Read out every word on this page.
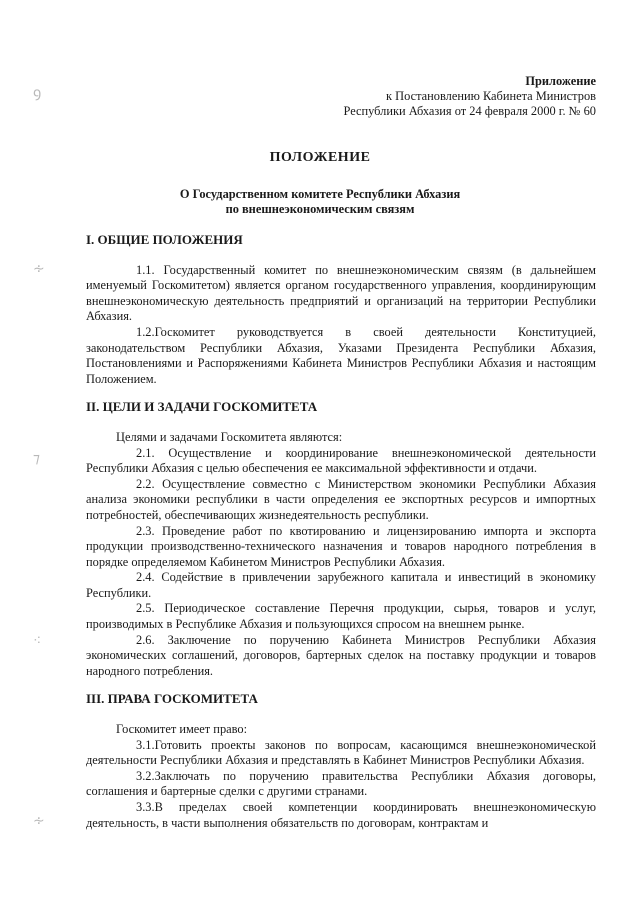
ꝯ
∻
⁊
⁖
∻
Приложение
к Постановлению Кабинета Министров
Республики Абхазия от 24 февраля 2000 г. № 60
ПОЛОЖЕНИЕ
О Государственном комитете Республики Абхазия
по внешнеэкономическим связям
I. ОБЩИЕ ПОЛОЖЕНИЯ

1.1. Государственный комитет по внешнеэкономическим связям (в дальнейшем именуемый Госкомитетом) является органом государственного управления, координирующим внешнеэкономическую деятельность предприятий и организаций на территории Республики Абхазия.

1.2.Госкомитет руководствуется в своей деятельности Конституцией, законодательством Республики Абхазия, Указами Президента Республики Абхазия, Постановлениями и Распоряжениями Кабинета Министров Республики Абхазия и настоящим Положением.

II. ЦЕЛИ И ЗАДАЧИ ГОСКОМИТЕТА

Целями и задачами Госкомитета являются:

2.1. Осуществление и координирование внешнеэкономической деятельности Республики Абхазия с целью обеспечения ее максимальной эффективности и отдачи.

2.2. Осуществление совместно с Министерством экономики Республики Абхазия анализа экономики республики в части определения ее экспортных ресурсов и импортных потребностей, обеспечивающих жизнедеятельность республики.

2.3. Проведение работ по квотированию и лицензированию импорта и экспорта продукции производственно-технического назначения и товаров народного потребления в порядке определяемом Кабинетом Министров Республики Абхазия.

2.4. Содействие в привлечении зарубежного капитала и инвестиций в экономику Республики.

2.5. Периодическое составление Перечня продукции, сырья, товаров и услуг, производимых в Республике Абхазия и пользующихся спросом на внешнем рынке.

2.6. Заключение по поручению Кабинета Министров Республики Абхазия экономических соглашений, договоров, бартерных сделок на поставку продукции и товаров народного потребления.

III. ПРАВА ГОСКОМИТЕТА

Госкомитет имеет право:

3.1.Готовить проекты законов по вопросам, касающимся внешнеэкономической деятельности Республики Абхазия и представлять в Кабинет Министров Республики Абхазия.

3.2.Заключать по поручению правительства Республики Абхазия договоры, соглашения и бартерные сделки с другими странами.

3.3.В пределах своей компетенции координировать внешнеэкономическую деятельность, в части выполнения обязательств по договорам, контрактам и
